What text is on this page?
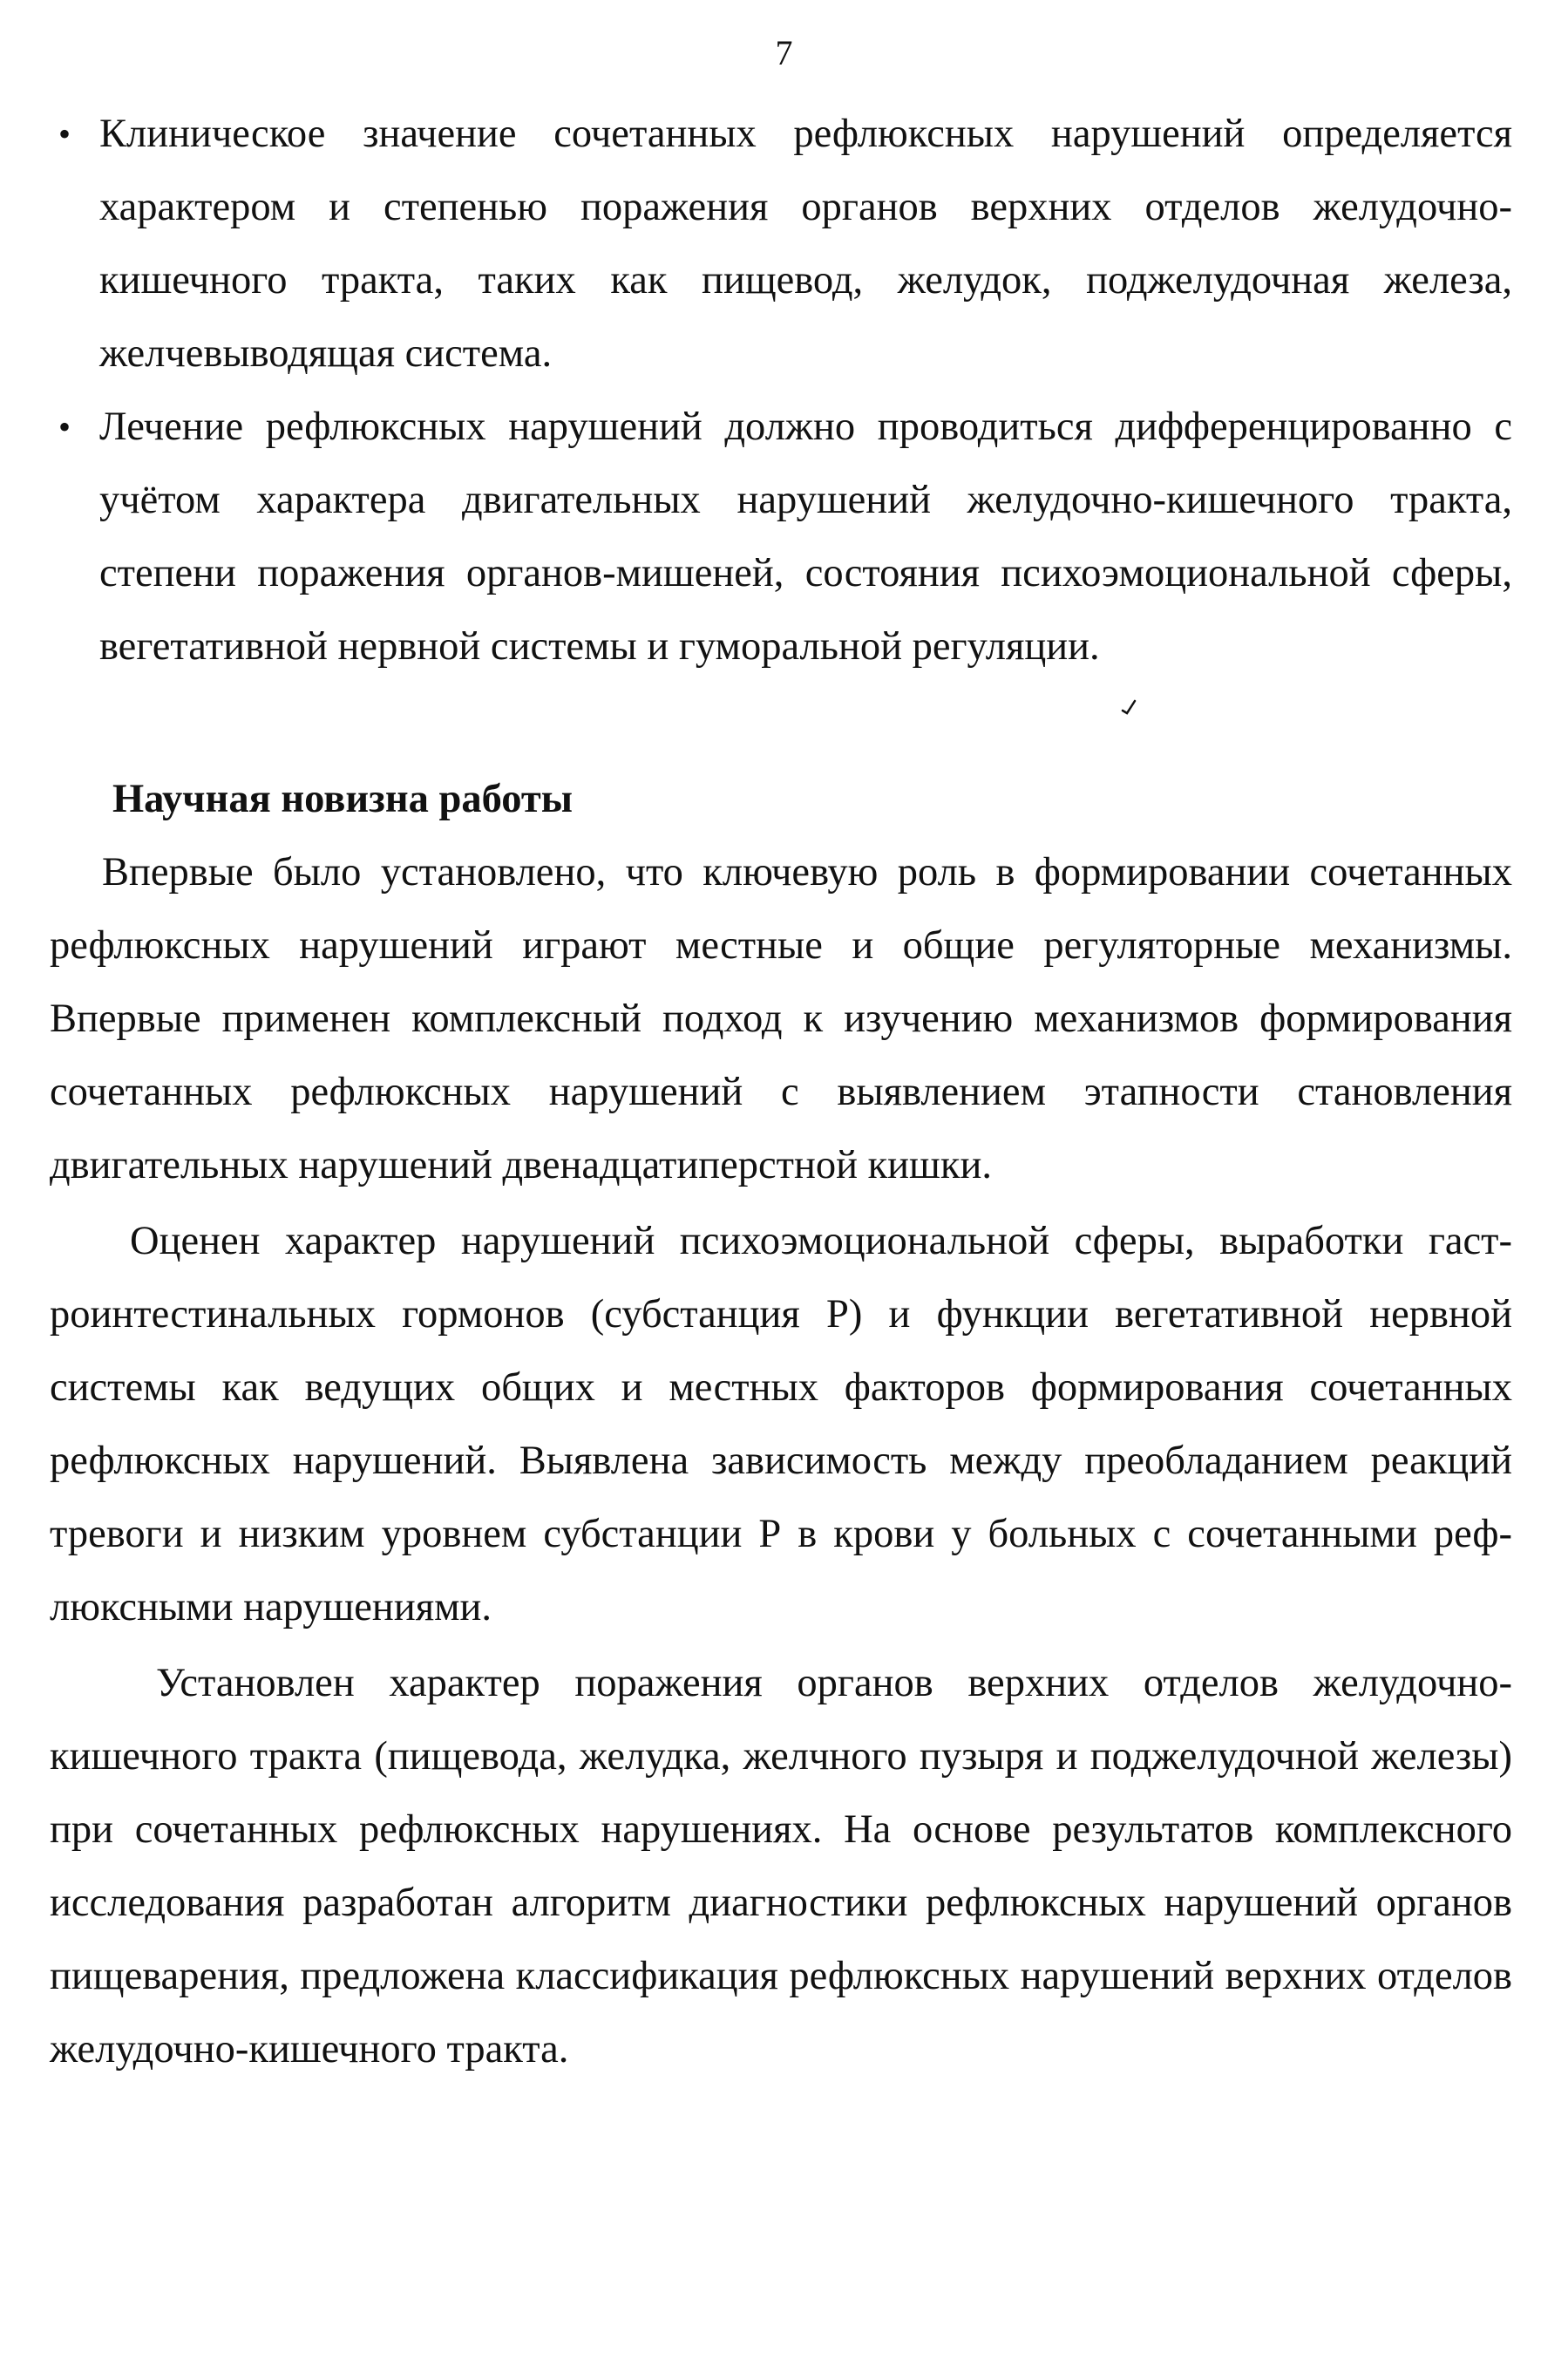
7
• Клиническое значение сочетанных рефлюксных нарушений определяется характером и степенью поражения органов верхних отделов желудочно-кишечного тракта, таких как пищевод, желудок, поджелудочная железа, желчевыводящая система.
• Лечение рефлюксных нарушений должно проводиться дифференцированно с учётом характера двигательных нарушений желудочно-кишечного тракта, степени поражения органов-мишеней, состояния психоэмоциональной сферы, вегетативной нервной системы и гуморальной регуляции.
Научная новизна работы

Впервые было установлено, что ключевую роль в формировании сочетанных рефлюксных нарушений играют местные и общие регуляторные механизмы. Впервые применен комплексный подход к изучению механизмов формирования сочетанных рефлюксных нарушений с выявлением этапности становления двигательных нарушений двенадцатиперстной кишки.

Оценен характер нарушений психоэмоциональной сферы, выработки гастроинтестинальных гормонов (субстанция Р) и функции вегетативной нервной системы как ведущих общих и местных факторов формирования сочетанных рефлюксных нарушений. Выявлена зависимость между преобладанием реакций тревоги и низким уровнем субстанции Р в крови у больных с сочетанными рефлюксными нарушениями.

Установлен характер поражения органов верхних отделов желудочно-кишечного тракта (пищевода, желудка, желчного пузыря и поджелудочной железы) при сочетанных рефлюксных нарушениях. На основе результатов комплексного исследования разработан алгоритм диагностики рефлюксных нарушений органов пищеварения, предложена классификация рефлюксных нарушений верхних отделов желудочно-кишечного тракта.
